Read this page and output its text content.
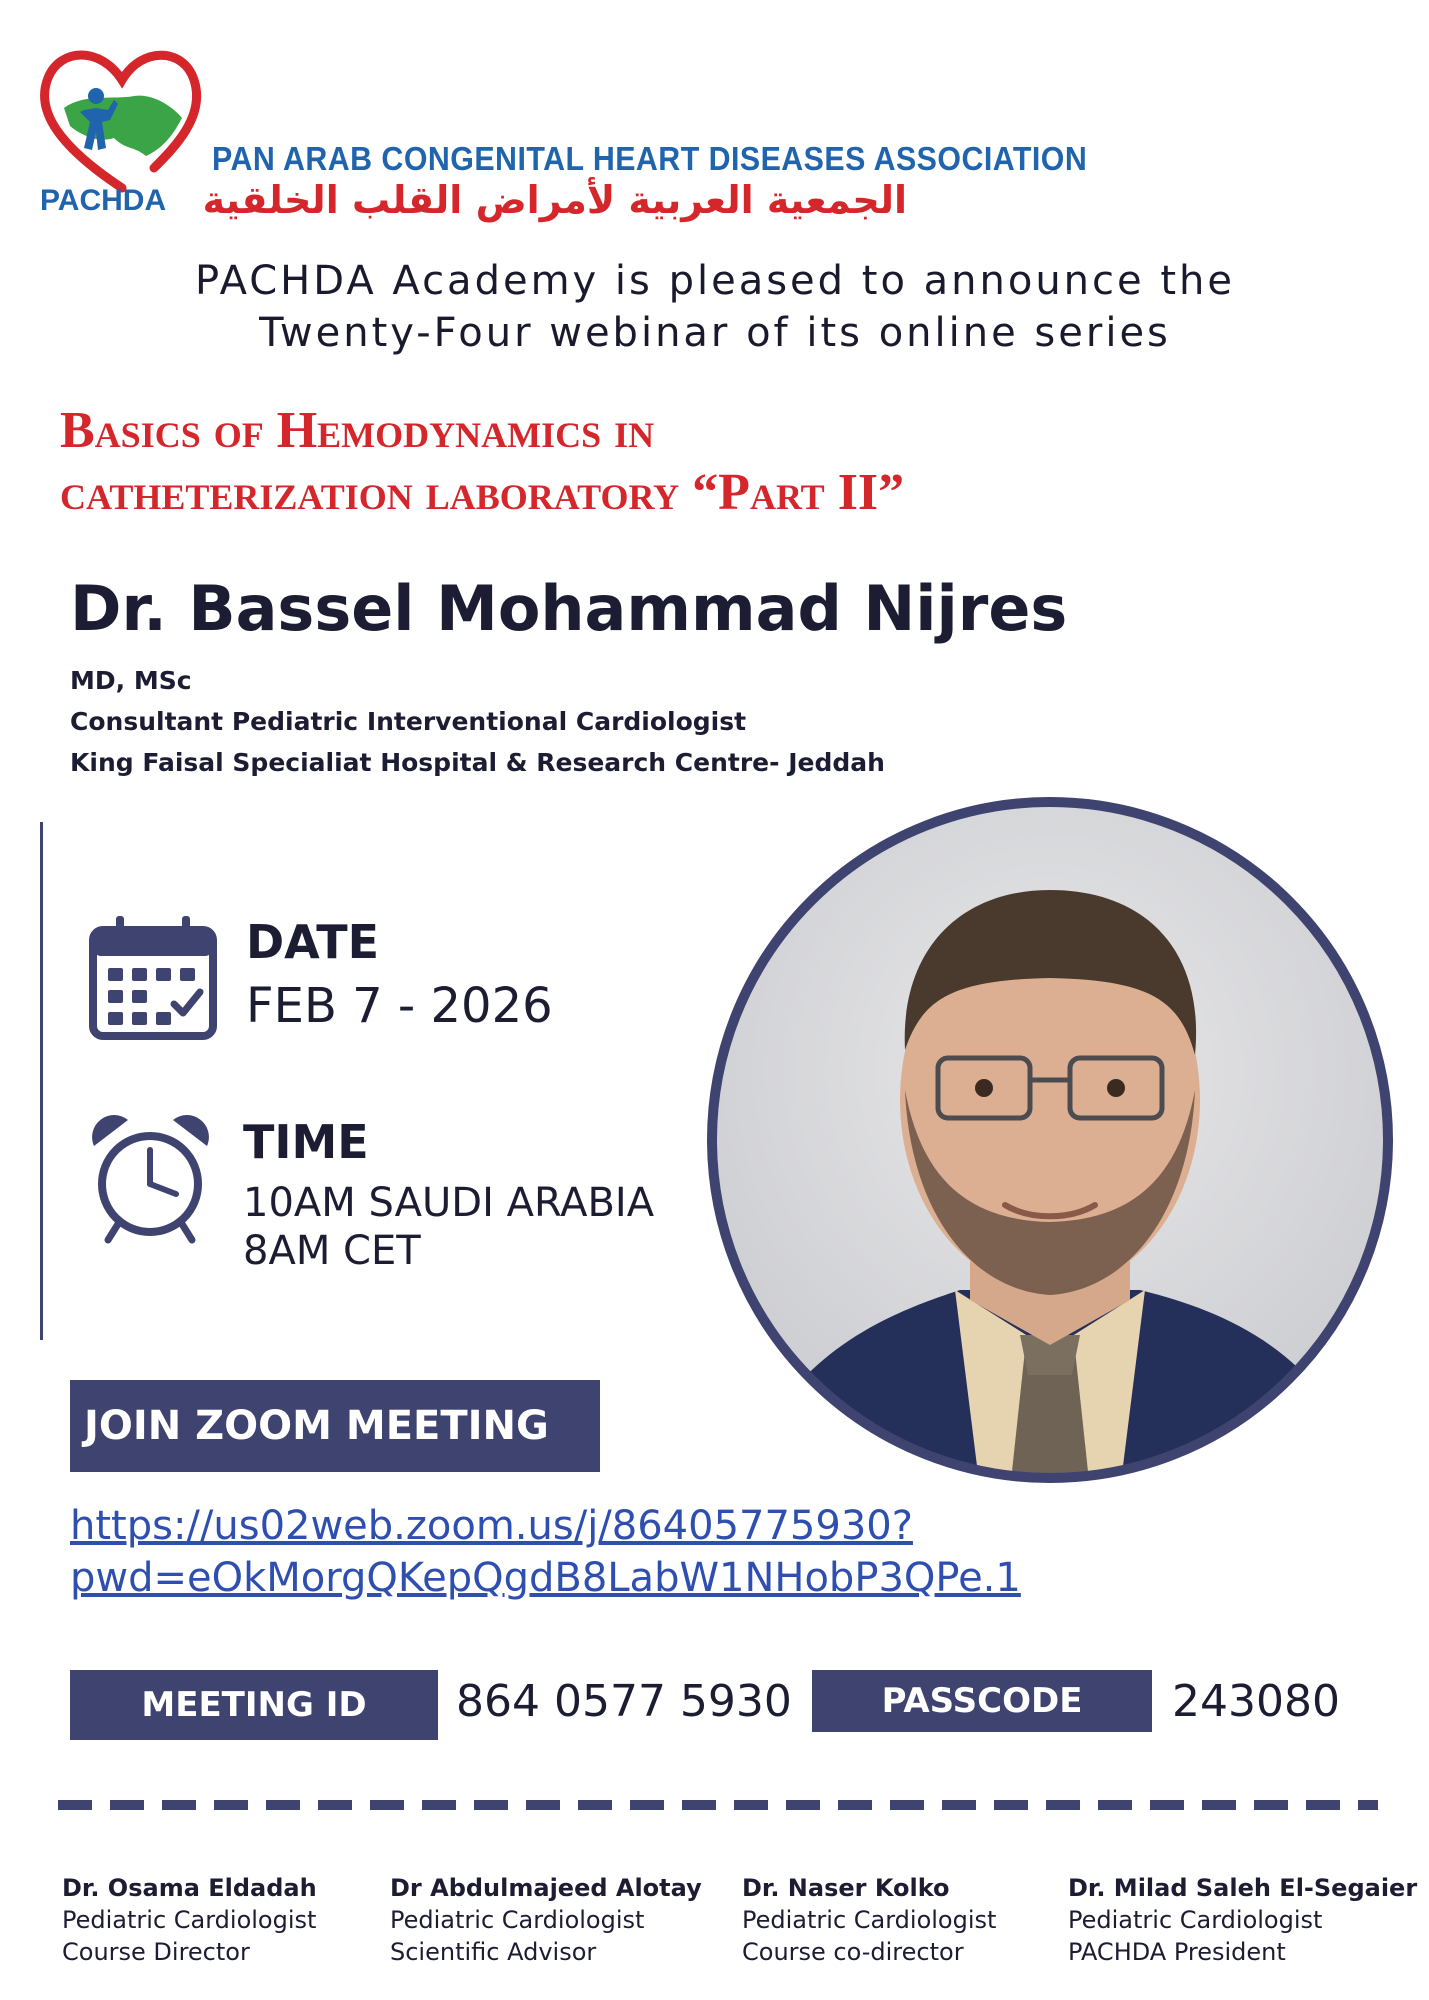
PACHDA
PAN ARAB CONGENITAL HEART DISEASES ASSOCIATION
الجمعية العربية لأمراض القلب الخلقية
PACHDA Academy is pleased to announce the
Twenty-Four webinar of its online series
Basics of Hemodynamics in
catheterization laboratory “Part II”
Dr. Bassel Mohammad Nijres
MD, MSc
Consultant Pediatric Interventional Cardiologist
King Faisal Specialiat Hospital & Research Centre- Jeddah
DATE
FEB 7 - 2026
TIME
10AM SAUDI ARABIA
8AM CET
JOIN ZOOM MEETING
https://us02web.zoom.us/j/86405775930?
pwd=eOkMorgQKepQgdB8LabW1NHobP3QPe.1
MEETING ID	864 0577 5930	PASSCODE	243080
Dr. Osama Eldadah
Pediatric Cardiologist
Course Director
Dr Abdulmajeed Alotay
Pediatric Cardiologist
Scientific Advisor
Dr. Naser Kolko
Pediatric Cardiologist
Course co-director
Dr. Milad Saleh El-Segaier
Pediatric Cardiologist
PACHDA President
